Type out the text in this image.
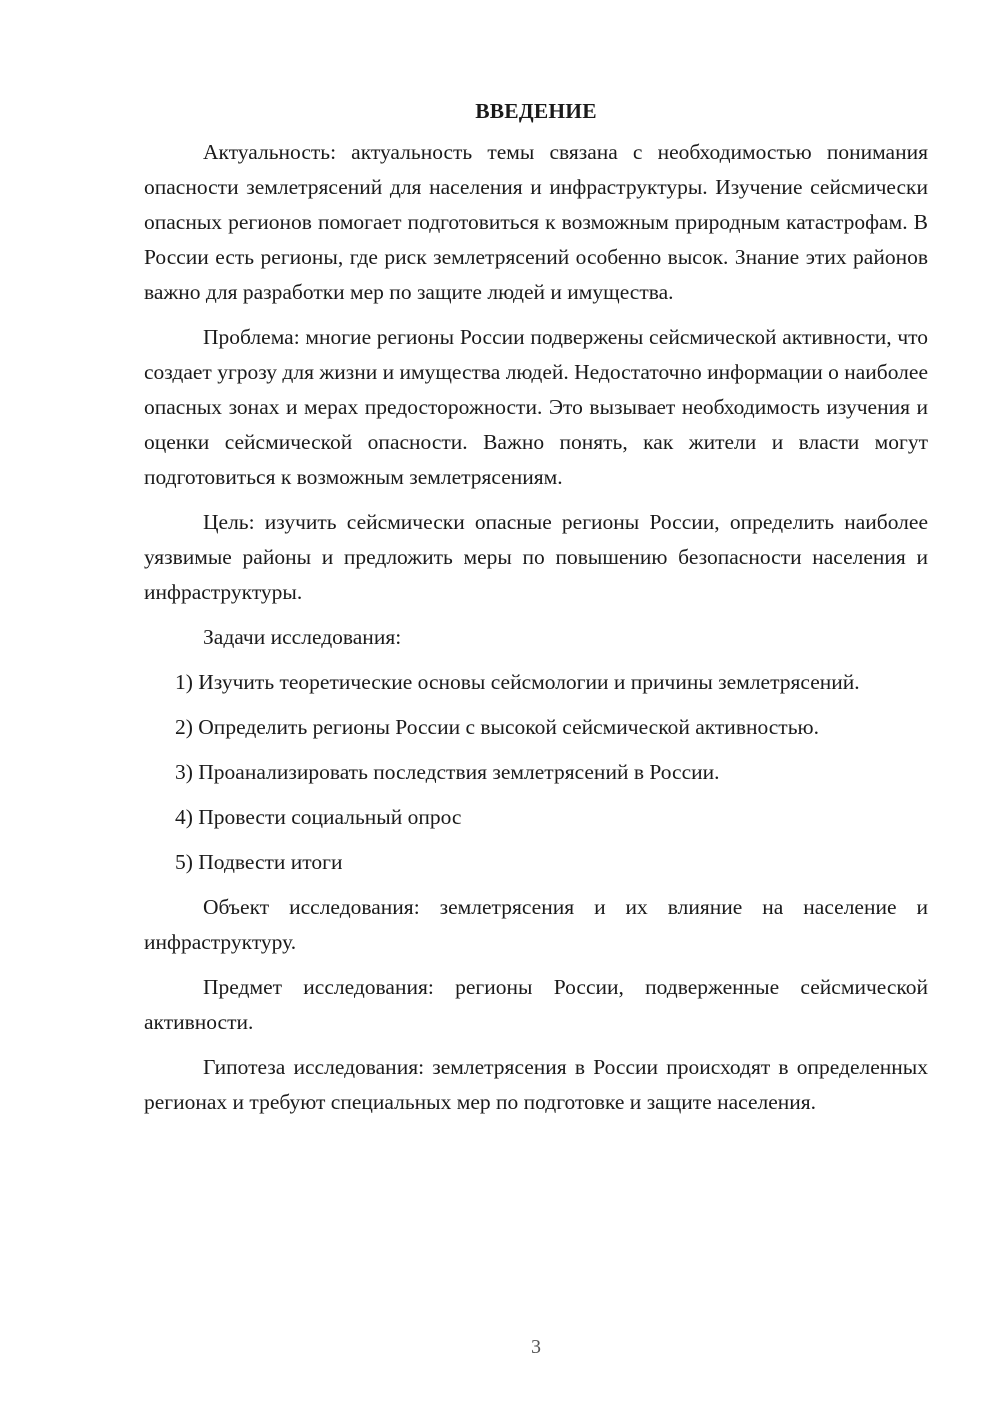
ВВЕДЕНИЕ

Актуальность: актуальность темы связана с необходимостью понимания опасности землетрясений для населения и инфраструктуры. Изучение сейсмически опасных регионов помогает подготовиться к возможным природным катастрофам. В России есть регионы, где риск землетрясений особенно высок. Знание этих районов важно для разработки мер по защите людей и имущества.

Проблема: многие регионы России подвержены сейсмической активности, что создает угрозу для жизни и имущества людей. Недостаточно информации о наиболее опасных зонах и мерах предосторожности. Это вызывает необходимость изучения и оценки сейсмической опасности. Важно понять, как жители и власти могут подготовиться к возможным землетрясениям.

Цель: изучить сейсмически опасные регионы России, определить наиболее уязвимые районы и предложить меры по повышению безопасности населения и инфраструктуры.

Задачи исследования:

1) Изучить теоретические основы сейсмологии и причины землетрясений.

2) Определить регионы России с высокой сейсмической активностью.

3) Проанализировать последствия землетрясений в России.

4) Провести социальный опрос

5) Подвести итоги

Объект исследования: землетрясения и их влияние на население и инфраструктуру.

Предмет исследования: регионы России, подверженные сейсмической активности.

Гипотеза исследования: землетрясения в России происходят в определенных регионах и требуют специальных мер по подготовке и защите населения.

3
